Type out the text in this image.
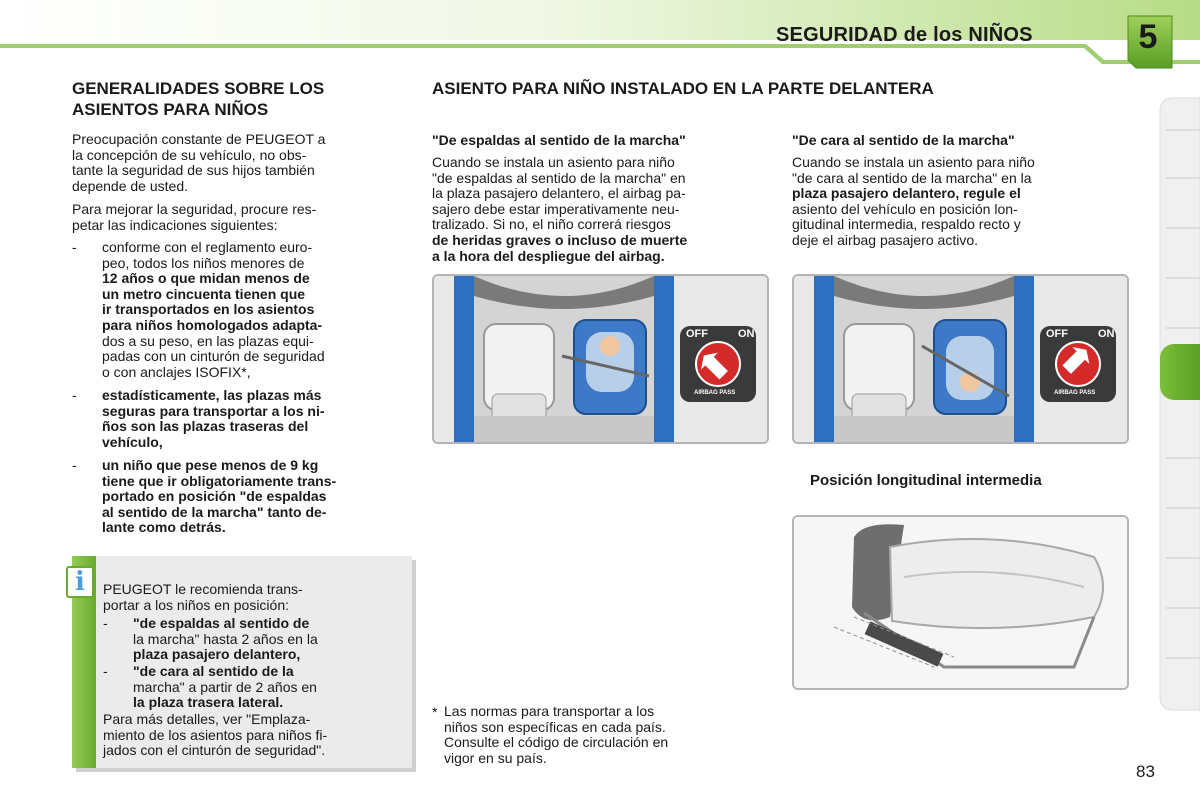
SEGURIDAD de los NIÑOS	5
GENERALIDADES SOBRE LOS
ASIENTOS PARA NIÑOS
Preocupación constante de PEUGEOT a
la concepción de su vehículo, no obs-
tante la seguridad de sus hijos también
depende de usted.
Para mejorar la seguridad, procure res-
petar las indicaciones siguientes:
- conforme con el reglamento euro-
peo, todos los niños menores de
12 años o que midan menos de
un metro cincuenta tienen que
ir transportados en los asientos
para niños homologados adapta-
dos a su peso, en las plazas equi-
padas con un cinturón de seguridad
o con anclajes ISOFIX*,
- estadísticamente, las plazas más
seguras para transportar a los ni-
ños son las plazas traseras del
vehículo,
- un niño que pese menos de 9 kg
tiene que ir obligatoriamente trans-
portado en posición "de espaldas
al sentido de la marcha" tanto de-
lante como detrás.
i	PEUGEOT le recomienda trans-
portar a los niños en posición:
- "de espaldas al sentido de
la marcha" hasta 2 años en la
plaza pasajero delantero,
- "de cara al sentido de la
marcha" a partir de 2 años en
la plaza trasera lateral.
Para más detalles, ver "Emplaza-
miento de los asientos para niños fi-
jados con el cinturón de seguridad".
ASIENTO PARA NIÑO INSTALADO EN LA PARTE DELANTERA
"De espaldas al sentido de la marcha"
Cuando se instala un asiento para niño
"de espaldas al sentido de la marcha" en
la plaza pasajero delantero, el airbag pa-
sajero debe estar imperativamente neu-
tralizado. Si no, el niño correrá riesgos
de heridas graves o incluso de muerte
a la hora del despliegue del airbag.
"De cara al sentido de la marcha"
Cuando se instala un asiento para niño
"de cara al sentido de la marcha" en la
plaza pasajero delantero, regule el
asiento del vehículo en posición lon-
gitudinal intermedia, respaldo recto y
deje el airbag pasajero activo.
OFF	ON
AIRBAG PASS
OFF	ON
AIRBAG PASS
Posición longitudinal intermedia
* Las normas para transportar a los
niños son específicas en cada país.
Consulte el código de circulación en
vigor en su país.
83
